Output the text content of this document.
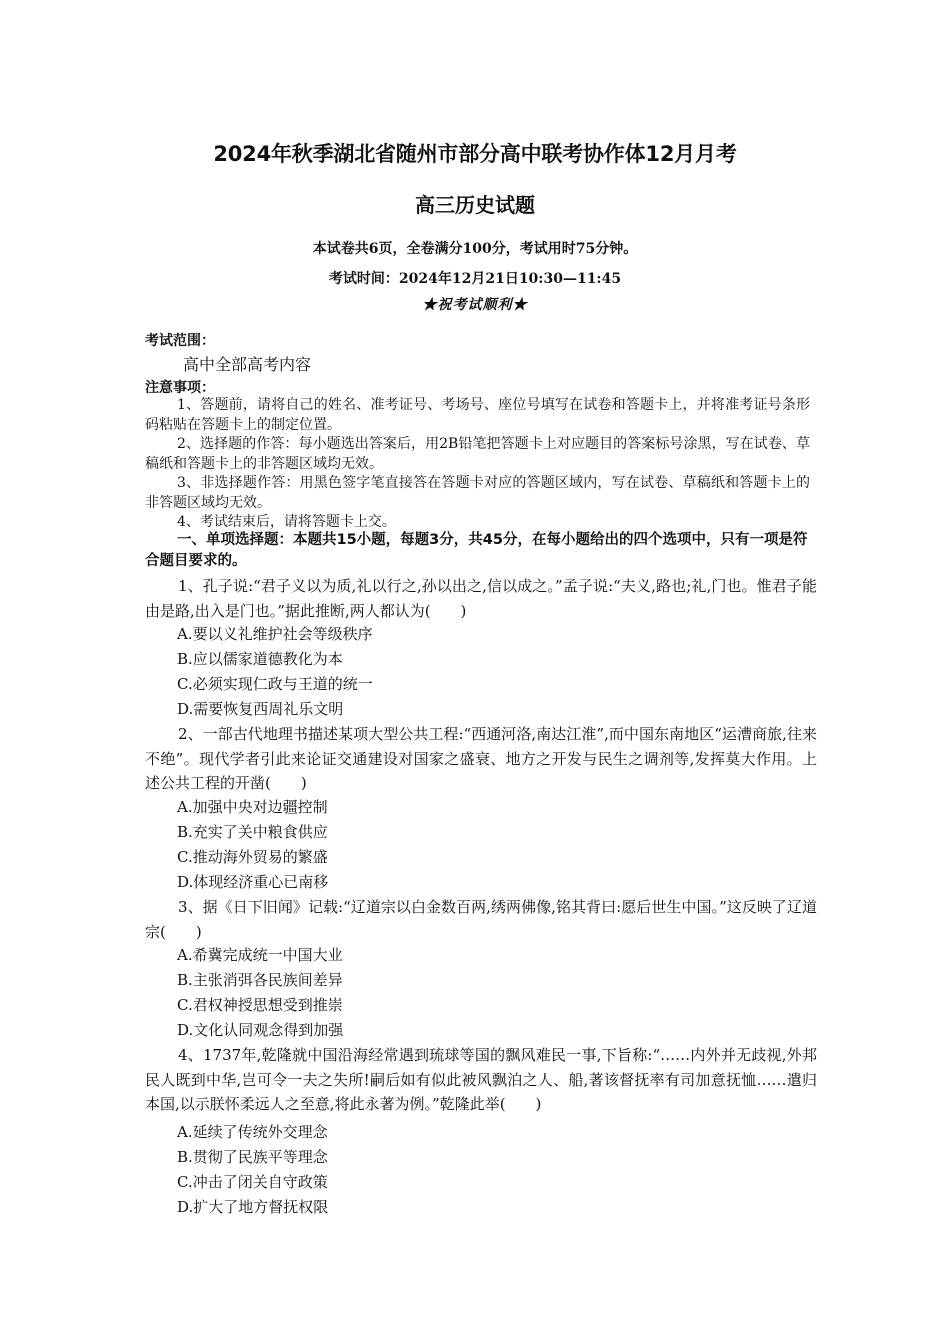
2024年秋季湖北省随州市部分高中联考协作体12月月考
高三历史试题
本试卷共6页，全卷满分100分，考试用时75分钟。
考试时间：2024年12月21日10:30—11:45
★祝考试顺利★
考试范围：
高中全部高考内容
注意事项：
1、答题前，请将自己的姓名、准考证号、考场号、座位号填写在试卷和答题卡上，并将准考证号条形码粘贴在答题卡上的制定位置。
2、选择题的作答：每小题选出答案后，用2B铅笔把答题卡上对应题目的答案标号涂黑，写在试卷、草稿纸和答题卡上的非答题区域均无效。
3、非选择题作答：用黑色签字笔直接答在答题卡对应的答题区域内，写在试卷、草稿纸和答题卡上的非答题区域均无效。
4、考试结束后，请将答题卡上交。
一、单项选择题：本题共15小题，每题3分，共45分，在每小题给出的四个选项中，只有一项是符合题目要求的。
1、孔子说:“君子义以为质,礼以行之,孙以出之,信以成之。”孟子说:“夫义,路也;礼,门也。惟君子能由是路,出入是门也。”据此推断,两人都认为(　　)
A.要以义礼维护社会等级秩序
B.应以儒家道德教化为本
C.必须实现仁政与王道的统一
D.需要恢复西周礼乐文明
2、一部古代地理书描述某项大型公共工程:“西通河洛,南达江淮”,而中国东南地区“运漕商旅,往来不绝”。现代学者引此来论证交通建设对国家之盛衰、地方之开发与民生之调剂等,发挥莫大作用。上述公共工程的开凿(　　)
A.加强中央对边疆控制
B.充实了关中粮食供应
C.推动海外贸易的繁盛
D.体现经济重心已南移
3、据《日下旧闻》记载:“辽道宗以白金数百两,绣两佛像,铭其背曰:愿后世生中国。”这反映了辽道宗(　　)
A.希冀完成统一中国大业
B.主张消弭各民族间差异
C.君权神授思想受到推崇
D.文化认同观念得到加强
4、1737年,乾隆就中国沿海经常遇到琉球等国的飘风难民一事,下旨称:“……内外并无歧视,外邦民人既到中华,岂可令一夫之失所!嗣后如有似此被风飘泊之人、船,著该督抚率有司加意抚恤……遣归本国,以示朕怀柔远人之至意,将此永著为例。”乾隆此举(　　)
A.延续了传统外交理念
B.贯彻了民族平等理念
C.冲击了闭关自守政策
D.扩大了地方督抚权限
